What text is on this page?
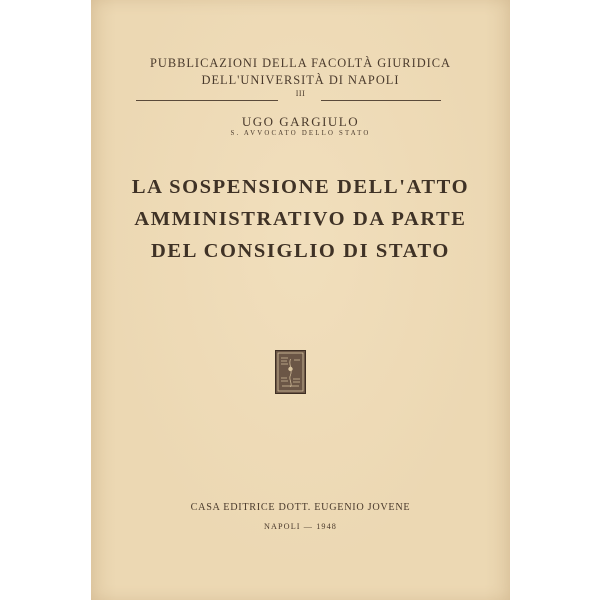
PUBBLICAZIONI DELLA FACOLTÀ GIURIDICA
DELL'UNIVERSITÀ DI NAPOLI
III
UGO GARGIULO
S. AVVOCATO DELLO STATO
LA SOSPENSIONE DELL'ATTO
AMMINISTRATIVO DA PARTE
DEL CONSIGLIO DI STATO
CASA EDITRICE DOTT. EUGENIO JOVENE
NAPOLI — 1948
